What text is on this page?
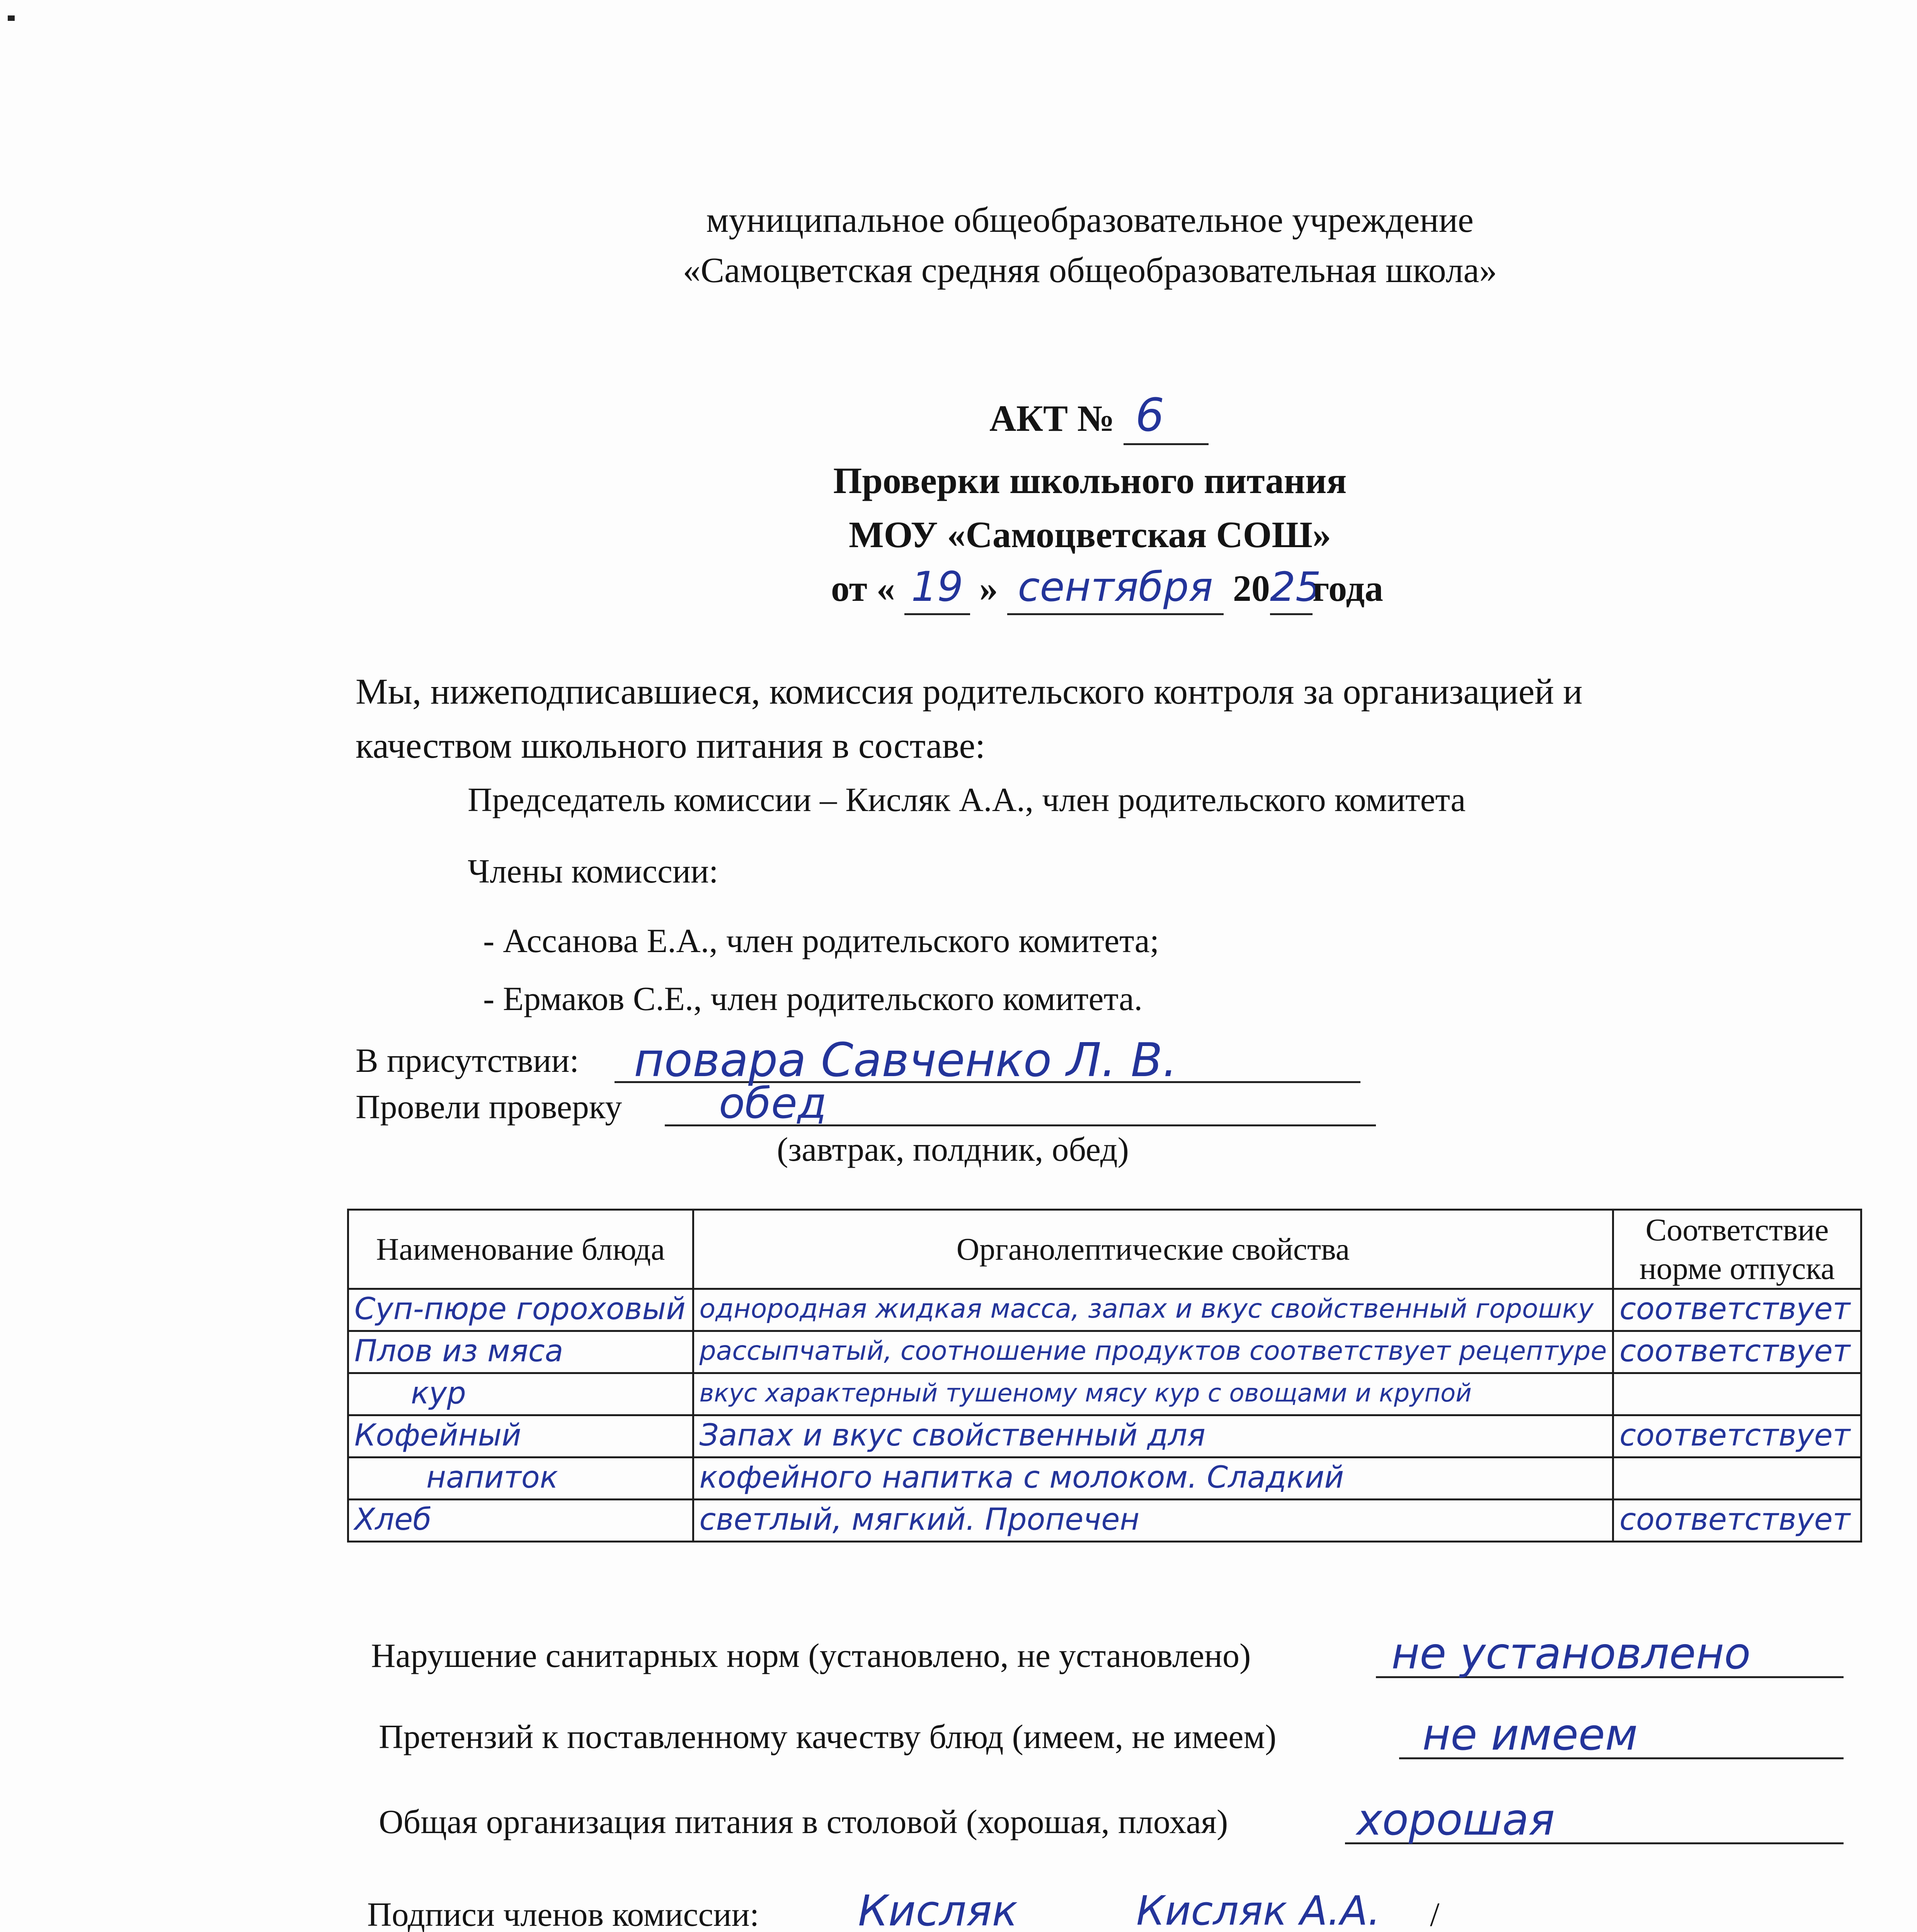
муниципальное общеобразовательное учреждение
«Самоцветская средняя общеобразовательная школа»
АКТ № 6
Проверки школьного питания
МОУ «Самоцветская СОШ»
от « 19 » сентября 2025года
Мы, нижеподписавшиеся, комиссия родительского контроля за организацией и
качеством школьного питания в составе:
Председатель комиссии – Кисляк А.А., член родительского комитета
Члены комиссии:
- Ассанова Е.А., член родительского комитета;
- Ермаков С.Е., член родительского комитета.
В присутствии:	повара Савченко Л. В.
Провели проверку	обед
(завтрак, полдник, обед)
Наименование блюда	Органолептические свойства	Соответствие норме отпуска
Суп-пюре гороховый	однородная жидкая масса, запах и вкус свойственный горошку	соответствует
Плов из мяса	рассыпчатый, соотношение продуктов соответствует рецептуре	соответствует
кур	вкус характерный тушеному мясу кур с овощами и крупой	
Кофейный	Запах и вкус свойственный для	соответствует
напиток	кофейного напитка с молоком. Сладкий	
Хлеб	светлый, мягкий. Пропечен	соответствует
Нарушение санитарных норм (установлено, не установлено)	не установлено
Претензий к поставленному качеству блюд (имеем, не имеем)	не имеем
Общая организация питания в столовой (хорошая, плохая)	хорошая
Подписи членов комиссии:	Кисляк	Кисляк А.А.	/
